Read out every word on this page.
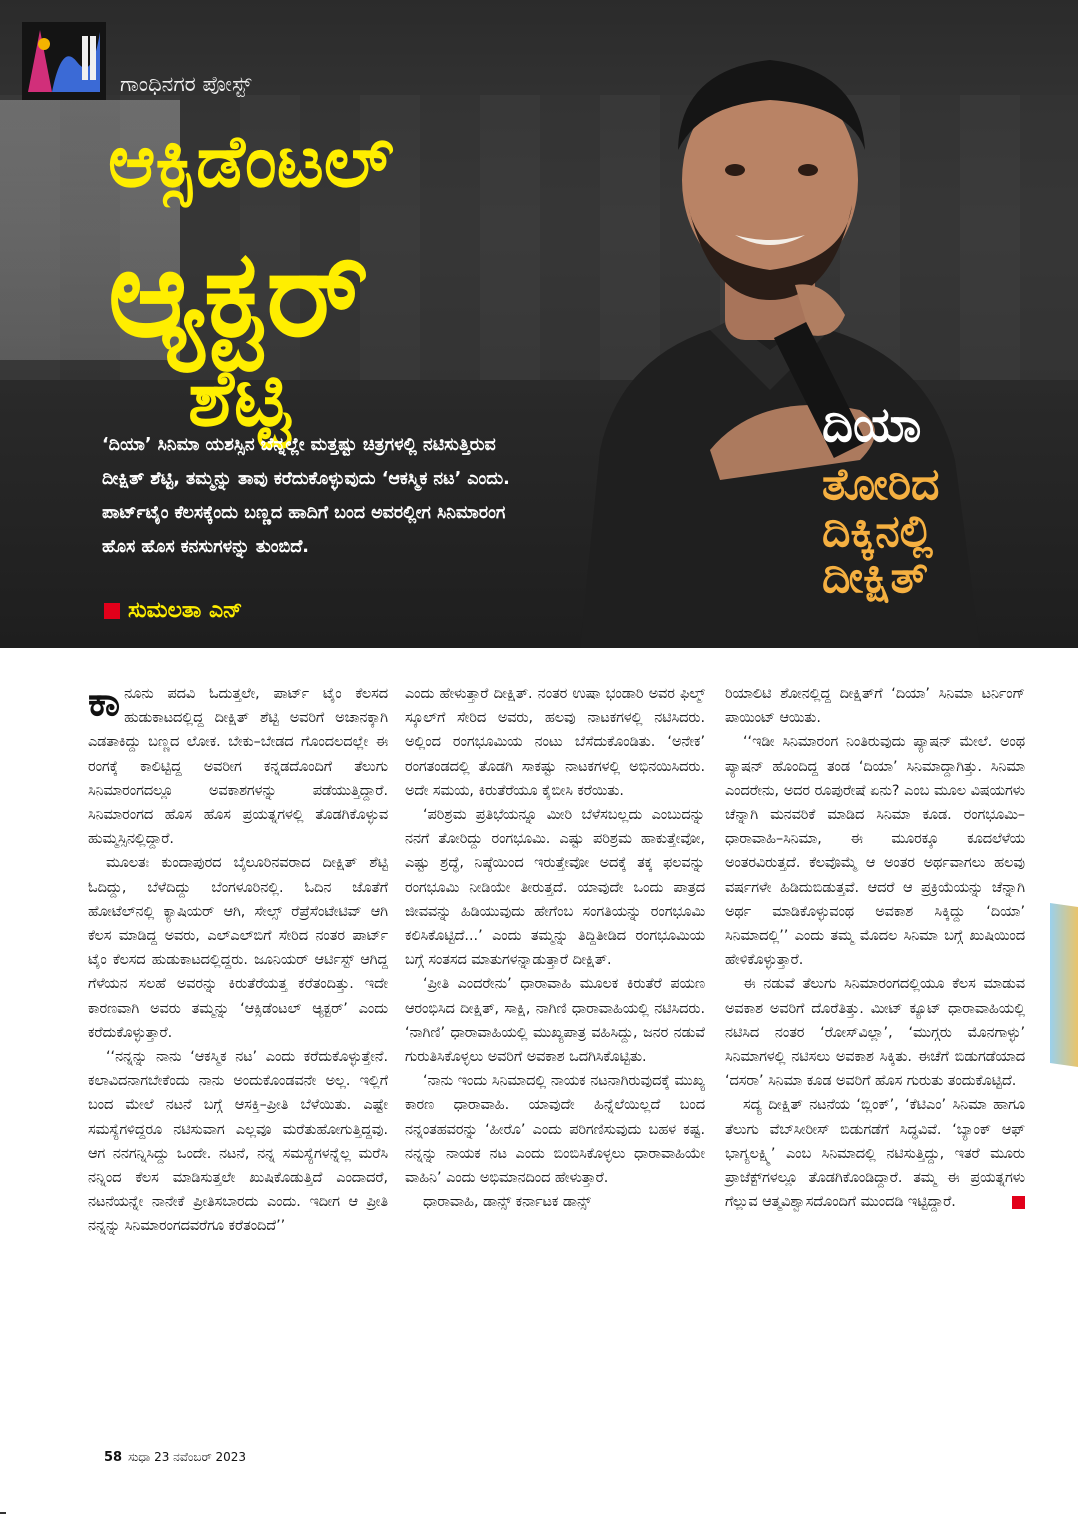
ಗಾಂಧಿನಗರ ಪೋಸ್ಟ್
ಆಕ್ಸಿಡೆಂಟಲ್
ಆ್ಯಕ್ಟರ್
ಶೆಟ್ಟಿ
‘ದಿಯಾ’ ಸಿನಿಮಾ ಯಶಸ್ಸಿನ ಬೆನ್ನಲ್ಲೇ ಮತ್ತಷ್ಟು ಚಿತ್ರಗಳಲ್ಲಿ ನಟಿಸುತ್ತಿರುವ ದೀಕ್ಷಿತ್ ಶೆಟ್ಟಿ, ತಮ್ಮನ್ನು ತಾವು ಕರೆದುಕೊಳ್ಳುವುದು ‘ಆಕಸ್ಮಿಕ ನಟ’ ಎಂದು. ಪಾರ್ಟ್‌ಟೈಂ ಕೆಲಸಕ್ಕೆಂದು ಬಣ್ಣದ ಹಾದಿಗೆ ಬಂದ ಅವರಲ್ಲೀಗ ಸಿನಿಮಾರಂಗ ಹೊಸ ಹೊಸ ಕನಸುಗಳನ್ನು ತುಂಬಿದೆ.
ಸುಮಲತಾ ಎನ್
ದಿಯಾ
ತೋರಿದ
ದಿಕ್ಕಿನಲ್ಲಿ
ದೀಕ್ಷಿತ್

ಕಾನೂನು ಪದವಿ ಓದುತ್ತಲೇ, ಪಾರ್ಟ್ ಟೈಂ ಕೆಲಸದ ಹುಡುಕಾಟದಲ್ಲಿದ್ದ ದೀಕ್ಷಿತ್ ಶೆಟ್ಟಿ ಅವರಿಗೆ ಅಚಾನಕ್ಕಾಗಿ ಎಡತಾಕಿದ್ದು ಬಣ್ಣದ ಲೋಕ. ಬೇಕು–ಬೇಡದ ಗೊಂದಲದಲ್ಲೇ ಈ ರಂಗಕ್ಕೆ ಕಾಲಿಟ್ಟಿದ್ದ ಅವರೀಗ ಕನ್ನಡದೊಂದಿಗೆ ತೆಲುಗು ಸಿನಿಮಾರಂಗದಲ್ಲೂ ಅವಕಾಶಗಳನ್ನು ಪಡೆಯುತ್ತಿದ್ದಾರೆ. ಸಿನಿಮಾರಂಗದ ಹೊಸ ಹೊಸ ಪ್ರಯತ್ನಗಳಲ್ಲಿ ತೊಡಗಿಕೊಳ್ಳುವ ಹುಮ್ಮಸ್ಸಿನಲ್ಲಿದ್ದಾರೆ.

ಮೂಲತಃ ಕುಂದಾಪುರದ ಬೈಲೂರಿನವರಾದ ದೀಕ್ಷಿತ್ ಶೆಟ್ಟಿ ಓದಿದ್ದು, ಬೆಳೆದಿದ್ದು ಬೆಂಗಳೂರಿನಲ್ಲಿ. ಓದಿನ ಜೊತೆಗೆ ಹೋಟೆಲ್‌ನಲ್ಲಿ ಕ್ಯಾಷಿಯರ್ ಆಗಿ, ಸೇಲ್ಸ್ ರೆಪ್ರೆಸೆಂಟೇಟಿವ್ ಆಗಿ ಕೆಲಸ ಮಾಡಿದ್ದ ಅವರು, ಎಲ್‌ಎಲ್‌ಬಿಗೆ ಸೇರಿದ ನಂತರ ಪಾರ್ಟ್ ಟೈಂ ಕೆಲಸದ ಹುಡುಕಾಟದಲ್ಲಿದ್ದರು. ಜೂನಿಯರ್ ಆರ್ಟಿಸ್ಟ್ ಆಗಿದ್ದ ಗೆಳೆಯನ ಸಲಹೆ ಅವರನ್ನು ಕಿರುತೆರೆಯತ್ತ ಕರೆತಂದಿತ್ತು. ಇದೇ ಕಾರಣವಾಗಿ ಅವರು ತಮ್ಮನ್ನು ‘ಆಕ್ಸಿಡೆಂಟಲ್ ಆ್ಯಕ್ಟರ್’ ಎಂದು ಕರೆದುಕೊಳ್ಳುತ್ತಾರೆ.

‘‘ನನ್ನನ್ನು ನಾನು ‘ಆಕಸ್ಮಿಕ ನಟ’ ಎಂದು ಕರೆದುಕೊಳ್ಳುತ್ತೇನೆ. ಕಲಾವಿದನಾಗಬೇಕೆಂದು ನಾನು ಅಂದುಕೊಂಡವನೇ ಅಲ್ಲ. ಇಲ್ಲಿಗೆ ಬಂದ ಮೇಲೆ ನಟನೆ ಬಗ್ಗೆ ಆಸಕ್ತಿ–ಪ್ರೀತಿ ಬೆಳೆಯಿತು. ಎಷ್ಟೇ ಸಮಸ್ಯೆಗಳಿದ್ದರೂ ನಟಿಸುವಾಗ ಎಲ್ಲವೂ ಮರೆತುಹೋಗುತ್ತಿದ್ದವು. ಆಗ ನನಗನ್ನಿಸಿದ್ದು ಒಂದೇ. ನಟನೆ, ನನ್ನ ಸಮಸ್ಯೆಗಳನ್ನೆಲ್ಲ ಮರೆಸಿ ನನ್ನಿಂದ ಕೆಲಸ ಮಾಡಿಸುತ್ತಲೇ ಖುಷಿಕೊಡುತ್ತಿದೆ ಎಂದಾದರೆ, ನಟನೆಯನ್ನೇ ನಾನೇಕೆ ಪ್ರೀತಿಸಬಾರದು ಎಂದು. ಇದೀಗ ಆ ಪ್ರೀತಿ ನನ್ನನ್ನು ಸಿನಿಮಾರಂಗದವರೆಗೂ ಕರೆತಂದಿದೆ’’

ಎಂದು ಹೇಳುತ್ತಾರೆ ದೀಕ್ಷಿತ್. ನಂತರ ಉಷಾ ಭಂಡಾರಿ ಅವರ ಫಿಲ್ಮ್ ಸ್ಕೂಲ್‌ಗೆ ಸೇರಿದ ಅವರು, ಹಲವು ನಾಟಕಗಳಲ್ಲಿ ನಟಿಸಿದರು. ಅಲ್ಲಿಂದ ರಂಗಭೂಮಿಯ ನಂಟು ಬೆಸೆದುಕೊಂಡಿತು. ‘ಅನೇಕ’ ರಂಗತಂಡದಲ್ಲಿ ತೊಡಗಿ ಸಾಕಷ್ಟು ನಾಟಕಗಳಲ್ಲಿ ಅಭಿನಯಿಸಿದರು. ಅದೇ ಸಮಯ, ಕಿರುತೆರೆಯೂ ಕೈಬೀಸಿ ಕರೆಯಿತು.

‘ಪರಿಶ್ರಮ ಪ್ರತಿಭೆಯನ್ನೂ ಮೀರಿ ಬೆಳೆಸಬಲ್ಲದು ಎಂಬುದನ್ನು ನನಗೆ ತೋರಿದ್ದು ರಂಗಭೂಮಿ. ಎಷ್ಟು ಪರಿಶ್ರಮ ಹಾಕುತ್ತೇವೋ, ಎಷ್ಟು ಶ್ರದ್ಧೆ, ನಿಷ್ಠೆಯಿಂದ ಇರುತ್ತೇವೋ ಅದಕ್ಕೆ ತಕ್ಕ ಫಲವನ್ನು ರಂಗಭೂಮಿ ನೀಡಿಯೇ ತೀರುತ್ತದೆ. ಯಾವುದೇ ಒಂದು ಪಾತ್ರದ ಜೀವವನ್ನು ಹಿಡಿಯುವುದು ಹೇಗೆಂಬ ಸಂಗತಿಯನ್ನು ರಂಗಭೂಮಿ ಕಲಿಸಿಕೊಟ್ಟಿದೆ...’ ಎಂದು ತಮ್ಮನ್ನು ತಿದ್ದಿತೀಡಿದ ರಂಗಭೂಮಿಯ ಬಗ್ಗೆ ಸಂತಸದ ಮಾತುಗಳನ್ನಾಡುತ್ತಾರೆ ದೀಕ್ಷಿತ್.

‘ಪ್ರೀತಿ ಎಂದರೇನು’ ಧಾರಾವಾಹಿ ಮೂಲಕ ಕಿರುತೆರೆ ಪಯಣ ಆರಂಭಿಸಿದ ದೀಕ್ಷಿತ್, ಸಾಕ್ಷಿ, ನಾಗಿಣಿ ಧಾರಾವಾಹಿಯಲ್ಲಿ ನಟಿಸಿದರು. ‘ನಾಗಿಣಿ’ ಧಾರಾವಾಹಿಯಲ್ಲಿ ಮುಖ್ಯಪಾತ್ರ ವಹಿಸಿದ್ದು, ಜನರ ನಡುವೆ ಗುರುತಿಸಿಕೊಳ್ಳಲು ಅವರಿಗೆ ಅವಕಾಶ ಒದಗಿಸಿಕೊಟ್ಟಿತು.

‘ನಾನು ಇಂದು ಸಿನಿಮಾದಲ್ಲಿ ನಾಯಕ ನಟನಾಗಿರುವುದಕ್ಕೆ ಮುಖ್ಯ ಕಾರಣ ಧಾರಾವಾಹಿ. ಯಾವುದೇ ಹಿನ್ನೆಲೆಯಿಲ್ಲದೆ ಬಂದ ನನ್ನಂತಹವರನ್ನು ‘ಹೀರೊ’ ಎಂದು ಪರಿಗಣಿಸುವುದು ಬಹಳ ಕಷ್ಟ. ನನ್ನನ್ನು ನಾಯಕ ನಟ ಎಂದು ಬಿಂಬಿಸಿಕೊಳ್ಳಲು ಧಾರಾವಾಹಿಯೇ ವಾಹಿನಿ’ ಎಂದು ಅಭಿಮಾನದಿಂದ ಹೇಳುತ್ತಾರೆ.

ಧಾರಾವಾಹಿ, ಡಾನ್ಸ್ ಕರ್ನಾಟಕ ಡಾನ್ಸ್

ರಿಯಾಲಿಟಿ ಶೋನಲ್ಲಿದ್ದ ದೀಕ್ಷಿತ್‌ಗೆ ‘ದಿಯಾ’ ಸಿನಿಮಾ ಟರ್ನಿಂಗ್ ಪಾಯಿಂಟ್ ಆಯಿತು.

‘‘ಇಡೀ ಸಿನಿಮಾರಂಗ ನಿಂತಿರುವುದು ಪ್ಯಾಷನ್ ಮೇಲೆ. ಅಂಥ ಪ್ಯಾಷನ್ ಹೊಂದಿದ್ದ ತಂಡ ‘ದಿಯಾ’ ಸಿನಿಮಾದ್ದಾಗಿತ್ತು. ಸಿನಿಮಾ ಎಂದರೇನು, ಅದರ ರೂಪುರೇಷೆ ಏನು? ಎಂಬ ಮೂಲ ವಿಷಯಗಳು ಚೆನ್ನಾಗಿ ಮನವರಿಕೆ ಮಾಡಿದ ಸಿನಿಮಾ ಕೂಡ. ರಂಗಭೂಮಿ–ಧಾರಾವಾಹಿ–ಸಿನಿಮಾ, ಈ ಮೂರಕ್ಕೂ ಕೂದಲೆಳೆಯ ಅಂತರವಿರುತ್ತದೆ. ಕೆಲವೊಮ್ಮೆ ಆ ಅಂತರ ಅರ್ಥವಾಗಲು ಹಲವು ವರ್ಷಗಳೇ ಹಿಡಿದುಬಿಡುತ್ತವೆ. ಆದರೆ ಆ ಪ್ರಕ್ರಿಯೆಯನ್ನು ಚೆನ್ನಾಗಿ ಅರ್ಥ ಮಾಡಿಕೊಳ್ಳುವಂಥ ಅವಕಾಶ ಸಿಕ್ಕಿದ್ದು ‘ದಿಯಾ’ ಸಿನಿಮಾದಲ್ಲಿ’’ ಎಂದು ತಮ್ಮ ಮೊದಲ ಸಿನಿಮಾ ಬಗ್ಗೆ ಖುಷಿಯಿಂದ ಹೇಳಿಕೊಳ್ಳುತ್ತಾರೆ.

ಈ ನಡುವೆ ತೆಲುಗು ಸಿನಿಮಾರಂಗದಲ್ಲಿಯೂ ಕೆಲಸ ಮಾಡುವ ಅವಕಾಶ ಅವರಿಗೆ ದೊರೆತಿತ್ತು. ಮೀಟ್ ಕ್ಯೂಟ್ ಧಾರಾವಾಹಿಯಲ್ಲಿ ನಟಿಸಿದ ನಂತರ ‘ರೋಸ್‌ವಿಲ್ಲಾ’, ‘ಮುಗ್ಗರು ಮೊನಗಾಳ್ಳು’ ಸಿನಿಮಾಗಳಲ್ಲಿ ನಟಿಸಲು ಅವಕಾಶ ಸಿಕ್ಕಿತು. ಈಚೆಗೆ ಬಿಡುಗಡೆಯಾದ ‘ದಸರಾ’ ಸಿನಿಮಾ ಕೂಡ ಅವರಿಗೆ ಹೊಸ ಗುರುತು ತಂದುಕೊಟ್ಟಿದೆ.

ಸದ್ಯ ದೀಕ್ಷಿತ್ ನಟನೆಯ ‘ಬ್ಲಿಂಕ್’, ‘ಕೆಟಿಎಂ’ ಸಿನಿಮಾ ಹಾಗೂ ತೆಲುಗು ವೆಬ್‌ಸೀರೀಸ್ ಬಿಡುಗಡೆಗೆ ಸಿದ್ಧವಿವೆ. ‘ಬ್ಯಾಂಕ್ ಆಫ್ ಭಾಗ್ಯಲಕ್ಷ್ಮಿ’ ಎಂಬ ಸಿನಿಮಾದಲ್ಲಿ ನಟಿಸುತ್ತಿದ್ದು, ಇತರೆ ಮೂರು ಪ್ರಾಜೆಕ್ಟ್‌ಗಳಲ್ಲೂ ತೊಡಗಿಕೊಂಡಿದ್ದಾರೆ. ತಮ್ಮ ಈ ಪ್ರಯತ್ನಗಳು ಗೆಲ್ಲುವ ಆತ್ಮವಿಶ್ವಾಸದೊಂದಿಗೆ ಮುಂದಡಿ ಇಟ್ಟಿದ್ದಾರೆ.

58 ಸುಧಾ 23 ನವೆಂಬರ್ 2023
